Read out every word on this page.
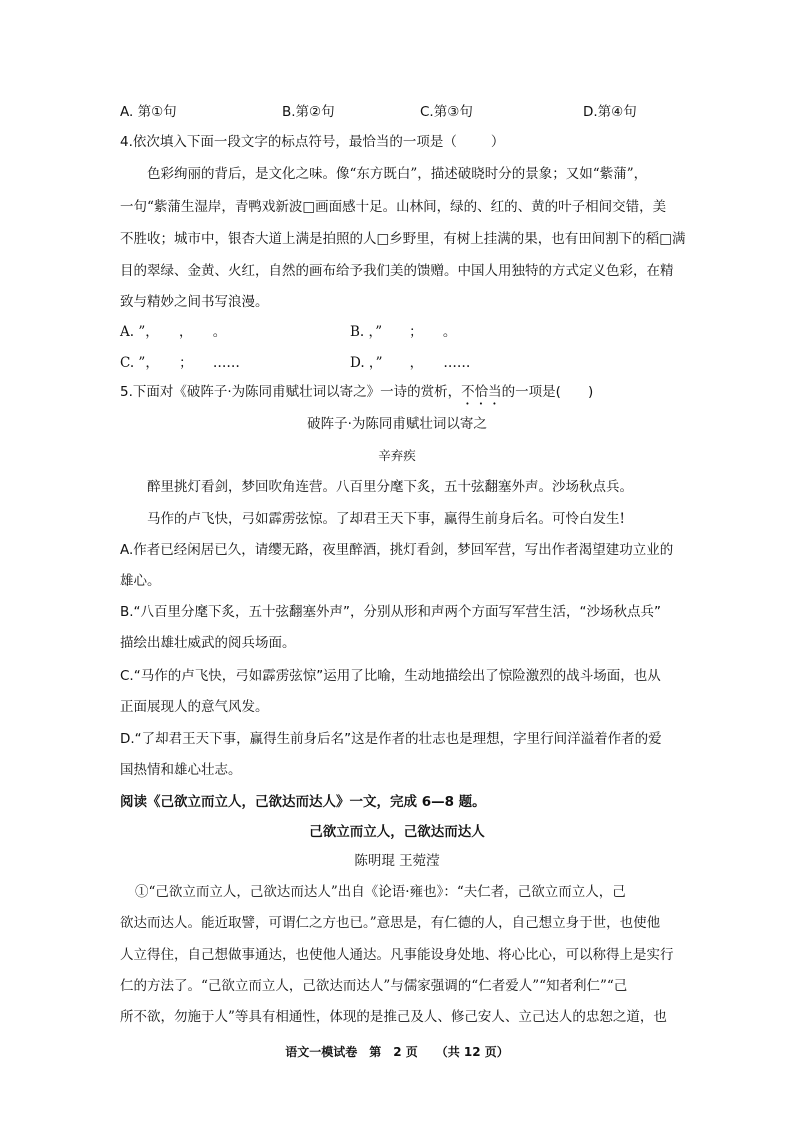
A. 第①句	B.第②句	C.第③句	D.第④句
4.依次填入下面一段文字的标点符号，最恰当的一项是（	）
色彩绚丽的背后，是文化之味。像“东方既白”，描述破晓时分的景象；又如“紫蒲”，
一句“紫蒲生湿岸，青鸭戏新波□画面感十足。山林间，绿的、红的、黄的叶子相间交错，美
不胜收；城市中，银杏大道上满是拍照的人□乡野里，有树上挂满的果，也有田间割下的稻□满
目的翠绿、金黄、火红，自然的画布给予我们美的馈赠。中国人用独特的方式定义色彩，在精
致与精妙之间书写浪漫。
A. ”，　　，　　。	B. ，”　　；　　。
C. ”，　　；　　……	D. ，”　　，　　……
5.下面对《破阵子·为陈同甫赋壮词以寄之》一诗的赏析，不恰当的一项是(　　)
破阵子·为陈同甫赋壮词以寄之
辛弃疾
醉里挑灯看剑，梦回吹角连营。八百里分麾下炙，五十弦翻塞外声。沙场秋点兵。
马作的卢飞快，弓如霹雳弦惊。了却君王天下事，赢得生前身后名。可怜白发生!
A.作者已经闲居已久，请缨无路，夜里醉酒，挑灯看剑，梦回军营，写出作者渴望建功立业的
雄心。
B.“八百里分麾下炙，五十弦翻塞外声”，分别从形和声两个方面写军营生活，“沙场秋点兵”
描绘出雄壮威武的阅兵场面。
C.“马作的卢飞快，弓如霹雳弦惊”运用了比喻，生动地描绘出了惊险激烈的战斗场面，也从
正面展现人的意气风发。
D.“了却君王天下事，赢得生前身后名”这是作者的壮志也是理想，字里行间洋溢着作者的爱
国热情和雄心壮志。
阅读《己欲立而立人，己欲达而达人》一文，完成 6—8 题。
己欲立而立人，己欲达而达人
陈明琨 王菀滢
①“己欲立而立人，己欲达而达人”出自《论语·雍也》：“夫仁者，己欲立而立人，己
欲达而达人。能近取譬，可谓仁之方也已。”意思是，有仁德的人，自己想立身于世，也使他
人立得住，自己想做事通达，也使他人通达。凡事能设身处地、将心比心，可以称得上是实行
仁的方法了。“己欲立而立人，己欲达而达人”与儒家强调的“仁者爱人”“知者利仁”“己
所不欲，勿施于人”等具有相通性，体现的是推己及人、修己安人、立己达人的忠恕之道，也
语文一模试卷　第　2 页　　（共 12 页）
